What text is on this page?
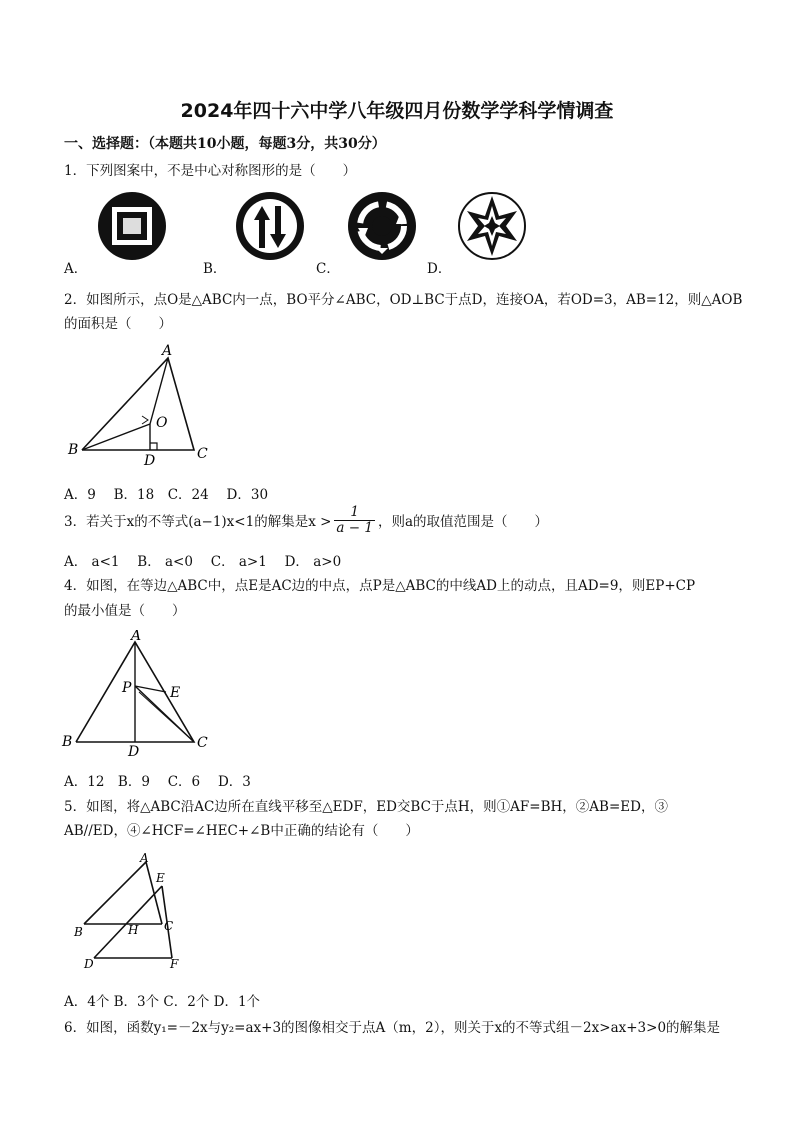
2024年四十六中学八年级四月份数学学科学情调查
一、选择题：（本题共10小题，每题3分，共30分）
1．下列图案中，不是中心对称图形的是（　　）
A．	B．	C．	D．
2．如图所示，点O是△ABC内一点，BO平分∠ABC，OD⊥BC于点D，连接OA，若OD=3，AB=12，则△AOB
的面积是（　　）
A
B	C
D
O
A．9　 B．18　C．24　 D．30
3．若关于x的不等式(a−1)x<1的解集是$x > \frac{1}{a - 1}$ ，则a的取值范围是（　　）
A． a<1　 B． a<0　 C． a>1　 D． a>0
4．如图，在等边△ABC中，点E是AC边的中点，点P是△ABC的中线AD上的动点，且AD=9，则EP+CP
的最小值是（　　）
A
B	C
D
P	E
A．12　B．9　 C．6　 D．3
5．如图，将△ABC沿AC边所在直线平移至△EDF，ED交BC于点H，则①AF=BH，②AB=ED，③
AB//ED，④∠HCF=∠HEC+∠B中正确的结论有（　　）
A
B	C
D
E
F
H
A．4个 B．3个 C．2个 D．1个
6．如图，函数y₁=－2x与y₂=ax+3的图像相交于点A（m，2），则关于x的不等式组－2x>ax+3>0的解集是
